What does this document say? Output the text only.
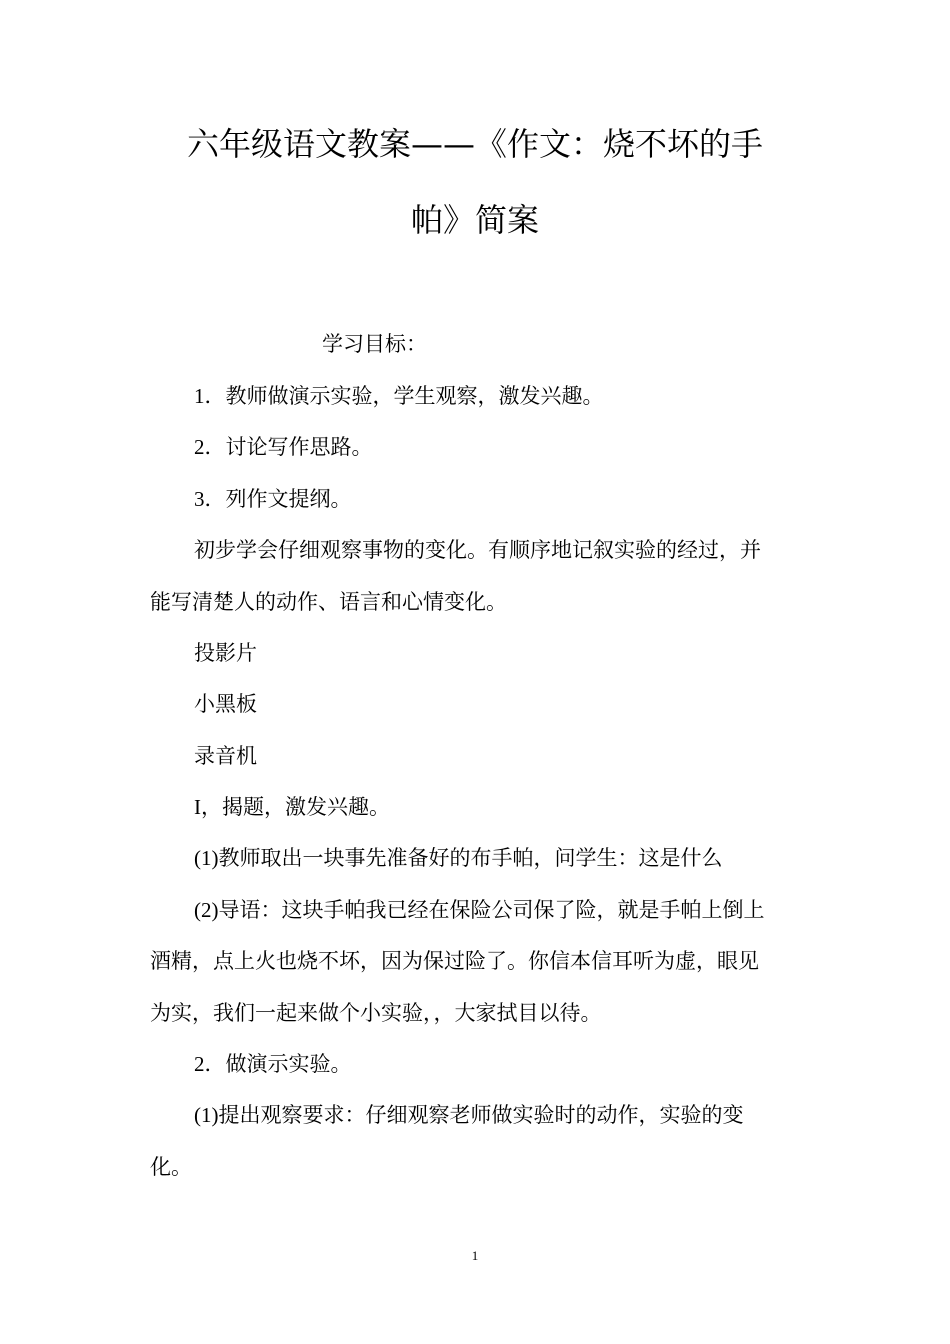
六年级语文教案——《作文：烧不坏的手
帕》简案
学习目标：
1．教师做演示实验，学生观察，激发兴趣。
2．讨论写作思路。
3．列作文提纲。
初步学会仔细观察事物的变化。有顺序地记叙实验的经过，并
能写清楚人的动作、语言和心情变化。
投影片
小黑板
录音机
I，揭题，激发兴趣。
(1)教师取出一块事先准备好的布手帕，问学生：这是什么
(2)导语：这块手帕我已经在保险公司保了险，就是手帕上倒上
酒精，点上火也烧不坏，因为保过险了。你信本信耳听为虚，眼见
为实，我们一起来做个小实验，，大家拭目以待。
2．做演示实验。
(1)提出观察要求：仔细观察老师做实验时的动作，实验的变
化。
1
